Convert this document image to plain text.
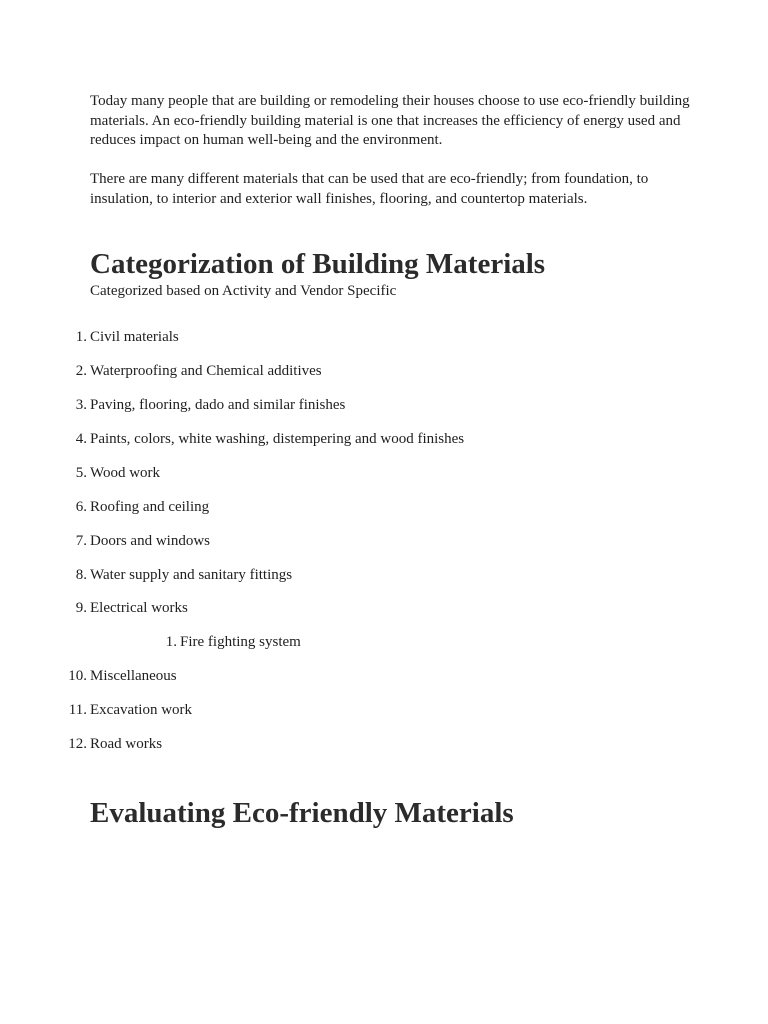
Today many people that are building or remodeling their houses choose to use eco-friendly building materials. An eco-friendly building material is one that increases the efficiency of energy used and reduces impact on human well-being and the environment.

There are many different materials that can be used that are eco-friendly; from foundation, to insulation, to interior and exterior wall finishes, flooring, and countertop materials.

Categorization of Building Materials

Categorized based on Activity and Vendor Specific

1. Civil materials
2. Waterproofing and Chemical additives
3. Paving, flooring, dado and similar finishes
4. Paints, colors, white washing, distempering and wood finishes
5. Wood work
6. Roofing and ceiling
7. Doors and windows
8. Water supply and sanitary fittings
9. Electrical works
1. Fire fighting system
10. Miscellaneous
11. Excavation work
12. Road works
Evaluating Eco-friendly Materials
